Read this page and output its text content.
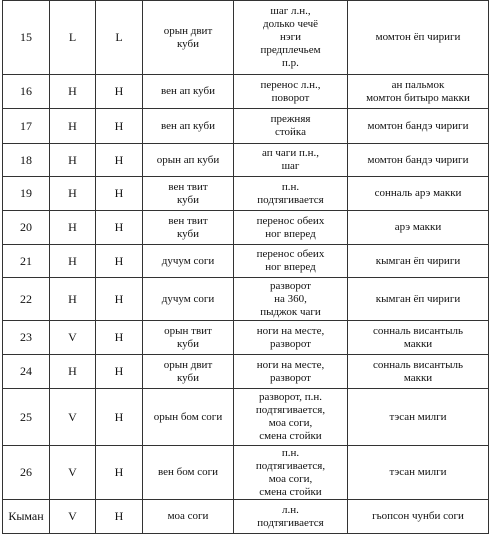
15	L	L	орын двит
куби	шаг л.н.,
долько чечё
нэги
предплечьем
п.р.	момтон ёп чириги
16	H	H	вен ап куби	перенос л.н.,
поворот	ан пальмок
момтон битыро макки

17	H	H	вен ап куби	прежняя
стойка	момтон бандэ чириги
18	H	H	орын ап куби	ап чаги п.н.,
шаг	момтон бандэ чириги
19	H	H	вен твит
куби	п.н.
подтягивается	сонналь арэ макки
20	H	H	вен твит
куби	перенос обеих
ног вперед	арэ макки
21	H	H	дучум соги	перенос обеих
ног вперед	кымган ёп чириги
22	H	H	дучум соги	разворот
на 360,
пыджок чаги	кымган ёп чириги
23	V	H	орын твит
куби	ноги на месте,
разворот	сонналь висантыль
макки

24	H	H	орын двит
куби	ноги на месте,
разворот	сонналь висантыль
макки

25	V	H	орын бом соги	разворот, п.н.
подтягивается,
моа соги,
смена стойки	тэсан милги
26	V	H	вен бом соги	п.н.
подтягивается,
моа соги,
смена стойки	тэсан милги
Кыман	V	H	моа соги	л.н.
подтягивается	гьопсон чунби соги
